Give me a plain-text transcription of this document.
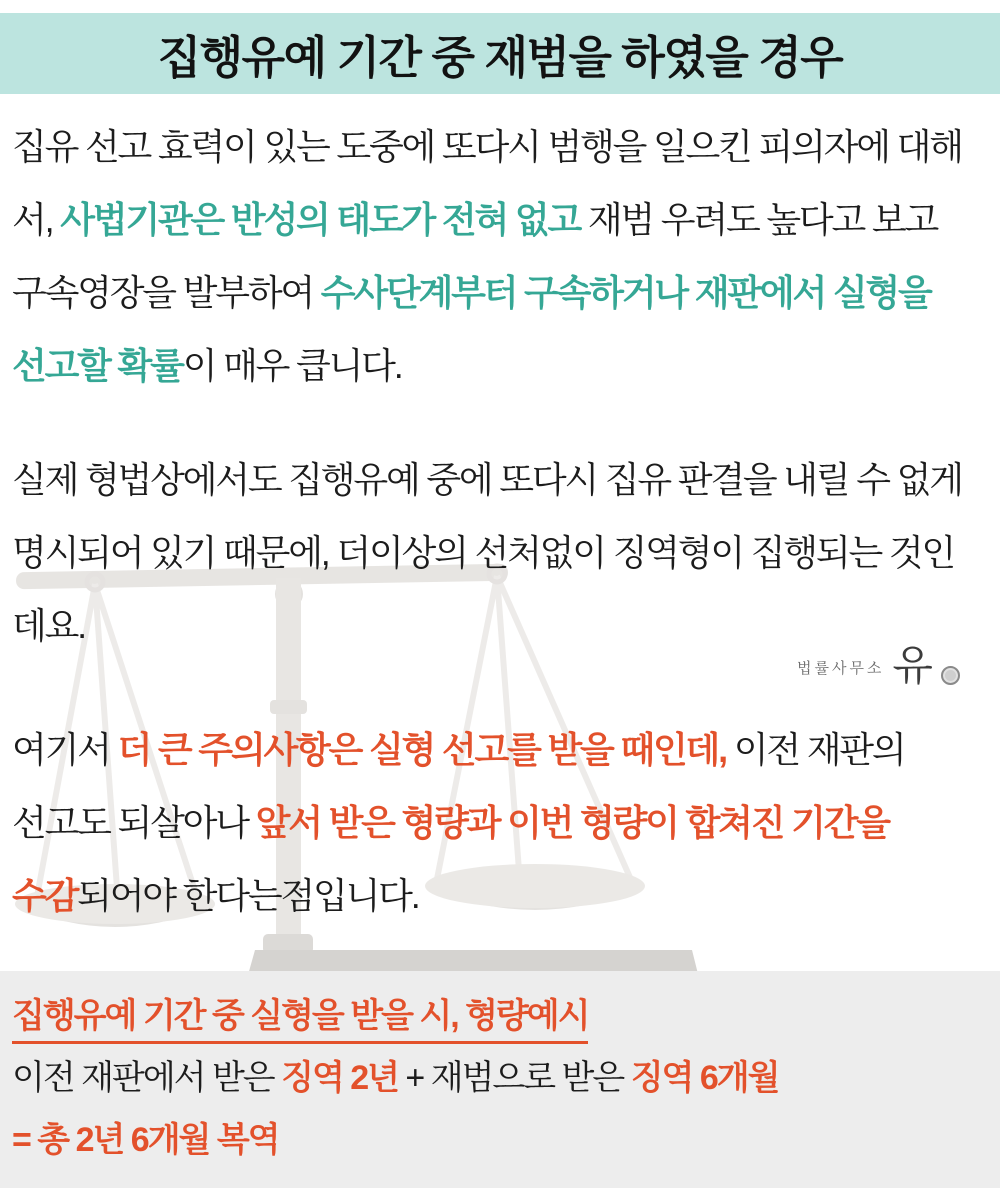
집행유예 기간 중 재범을 하였을 경우
집유 선고 효력이 있는 도중에 또다시 범행을 일으킨 피의자에 대해
서, 사법기관은 반성의 태도가 전혀 없고 재범 우려도 높다고 보고
구속영장을 발부하여 수사단계부터 구속하거나 재판에서 실형을
선고할 확률이 매우 큽니다.
실제 형법상에서도 집행유예 중에 또다시 집유 판결을 내릴 수 없게
명시되어 있기 때문에, 더이상의 선처없이 징역형이 집행되는 것인
데요.
여기서 더 큰 주의사항은 실형 선고를 받을 때인데, 이전 재판의
선고도 되살아나 앞서 받은 형량과 이번 형량이 합쳐진 기간을
수감되어야 한다는점입니다.
법률사무소 유
집행유예 기간 중 실형을 받을 시, 형량예시
이전 재판에서 받은 징역 2년 + 재범으로 받은 징역 6개월
= 총 2년 6개월 복역
